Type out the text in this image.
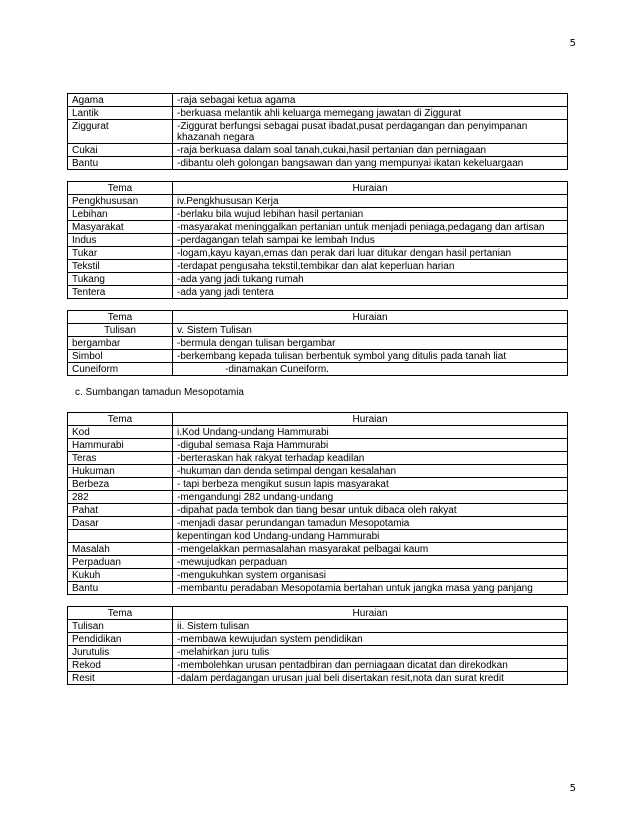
5
Agama	-raja sebagai ketua agama
Lantik	-berkuasa melantik ahli keluarga memegang jawatan di Ziggurat
Ziggurat	-Ziggurat berfungsi sebagai pusat ibadat,pusat perdagangan dan penyimpanan khazanah negara
Cukai	-raja berkuasa dalam soal tanah,cukai,hasil pertanian dan perniagaan
Bantu	-dibantu oleh golongan bangsawan dan yang mempunyai ikatan kekeluargaan
Tema	Huraian
Pengkhususan	iv.Pengkhususan Kerja
Lebihan	-berlaku bila wujud lebihan hasil pertanian
Masyarakat	-masyarakat meninggalkan pertanian untuk menjadi peniaga,pedagang dan artisan
Indus	-perdagangan telah sampai ke lembah Indus
Tukar	-logam,kayu kayan,emas dan perak dari luar ditukar dengan hasil pertanian
Tekstil	-terdapat pengusaha tekstil,tembikar dan alat keperluan harian
Tukang	-ada yang jadi tukang rumah
Tentera	-ada yang jadi tentera
Tema	Huraian
Tulisan	v. Sistem Tulisan
bergambar	-bermula dengan tulisan bergambar
Simbol	-berkembang kepada tulisan berbentuk symbol yang ditulis pada tanah liat
Cuneiform	-dinamakan Cuneiform.
c. Sumbangan tamadun Mesopotamia
Tema	Huraian
Kod	i.Kod Undang-undang Hammurabi
Hammurabi	-digubal semasa Raja Hammurabi
Teras	-berteraskan hak rakyat terhadap keadilan
Hukuman	-hukuman dan denda setimpal dengan kesalahan
Berbeza	- tapi berbeza mengikut susun lapis masyarakat
282	-mengandungi 282 undang-undang
Pahat	-dipahat pada tembok dan tiang besar untuk dibaca oleh rakyat
Dasar	-menjadi dasar perundangan tamadun Mesopotamia
	kepentingan kod Undang-undang Hammurabi
Masalah	-mengelakkan permasalahan masyarakat pelbagai kaum
Perpaduan	-mewujudkan perpaduan
Kukuh	-mengukuhkan system organisasi
Bantu	-membantu peradaban Mesopotamia bertahan untuk jangka masa yang panjang
Tema	Huraian
Tulisan	ii. Sistem tulisan
Pendidikan	-membawa kewujudan system pendidikan
Jurutulis	-melahirkan juru tulis
Rekod	-membolehkan urusan pentadbiran dan perniagaan dicatat dan direkodkan
Resit	-dalam perdagangan urusan jual beli disertakan resit,nota dan surat kredit
5
